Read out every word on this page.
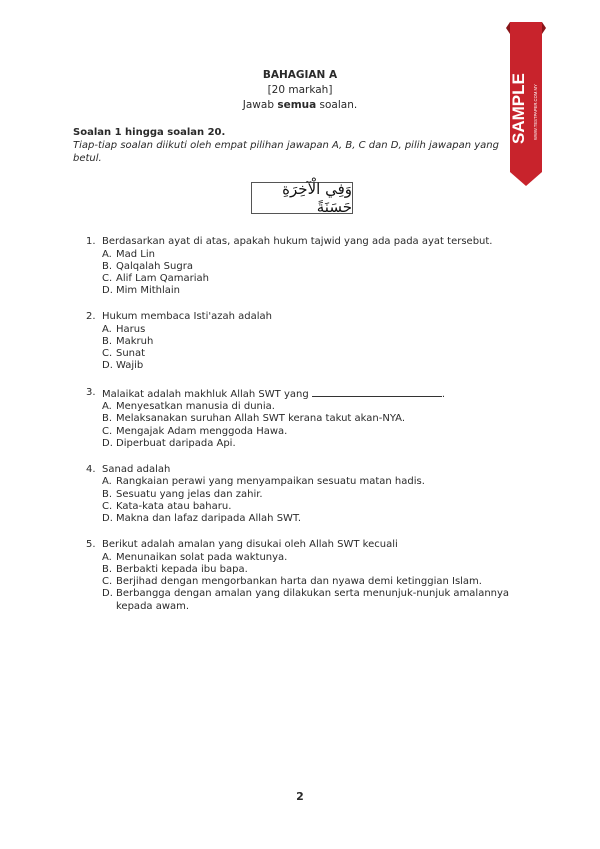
BAHAGIAN A
[20 markah]
Jawab semua soalan.
Soalan 1 hingga soalan 20.
Tiap-tiap soalan diikuti oleh empat pilihan jawapan A, B, C dan D, pilih jawapan yang betul.
وَفِي الْآخِرَةِ حَسَنَةً
1. Berdasarkan ayat di atas, apakah hukum tajwid yang ada pada ayat tersebut.
A. Mad Lin
B. Qalqalah Sugra
C. Alif Lam Qamariah
D. Mim Mithlain
2. Hukum membaca Isti'azah adalah
A. Harus
B. Makruh
C. Sunat
D. Wajib
3. Malaikat adalah makhluk Allah SWT yang	.
A. Menyesatkan manusia di dunia.
B. Melaksanakan suruhan Allah SWT kerana takut akan-NYA.
C. Mengajak Adam menggoda Hawa.
D. Diperbuat daripada Api.
4. Sanad adalah
A. Rangkaian perawi yang menyampaikan sesuatu matan hadis.
B. Sesuatu yang jelas dan zahir.
C. Kata-kata atau baharu.
D. Makna dan lafaz daripada Allah SWT.
5. Berikut adalah amalan yang disukai oleh Allah SWT kecuali
A. Menunaikan solat pada waktunya.
B. Berbakti kepada ibu bapa.
C. Berjihad dengan mengorbankan harta dan nyawa demi ketinggian Islam.
D. Berbangga dengan amalan yang dilakukan serta menunjuk-nunjuk amalannya kepada awam.
2
SAMPLE WWW.TESTPAPER.COM.MY
